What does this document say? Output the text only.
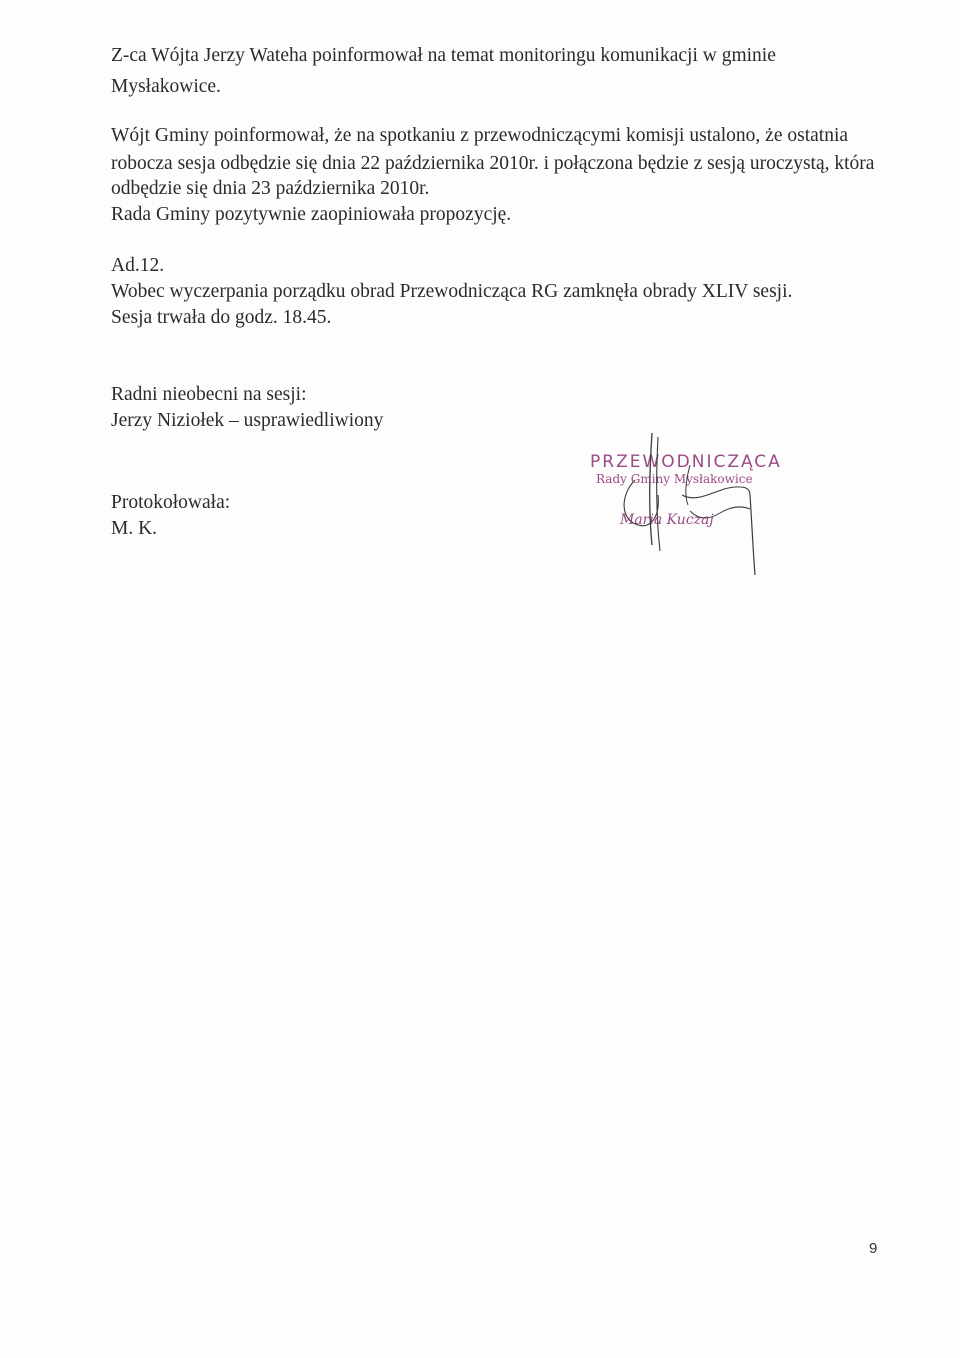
Z-ca Wójta Jerzy Wateha poinformował na temat monitoringu komunikacji w gminie
Mysłakowice.
Wójt Gminy poinformował, że na spotkaniu z przewodniczącymi komisji ustalono, że ostatnia
robocza sesja odbędzie się dnia 22 października 2010r. i połączona będzie z sesją uroczystą, która
odbędzie się dnia 23 października 2010r.
Rada Gminy pozytywnie zaopiniowała propozycję.
Ad.12.
Wobec wyczerpania porządku obrad Przewodnicząca RG zamknęła obrady XLIV sesji.
Sesja trwała do godz. 18.45.
Radni nieobecni na sesji:
Jerzy Niziołek – usprawiedliwiony
Protokołowała:
M. K.
PRZEWODNICZĄCA
Rady Gminy Mysłakowice
Maria Kuczaj
9
